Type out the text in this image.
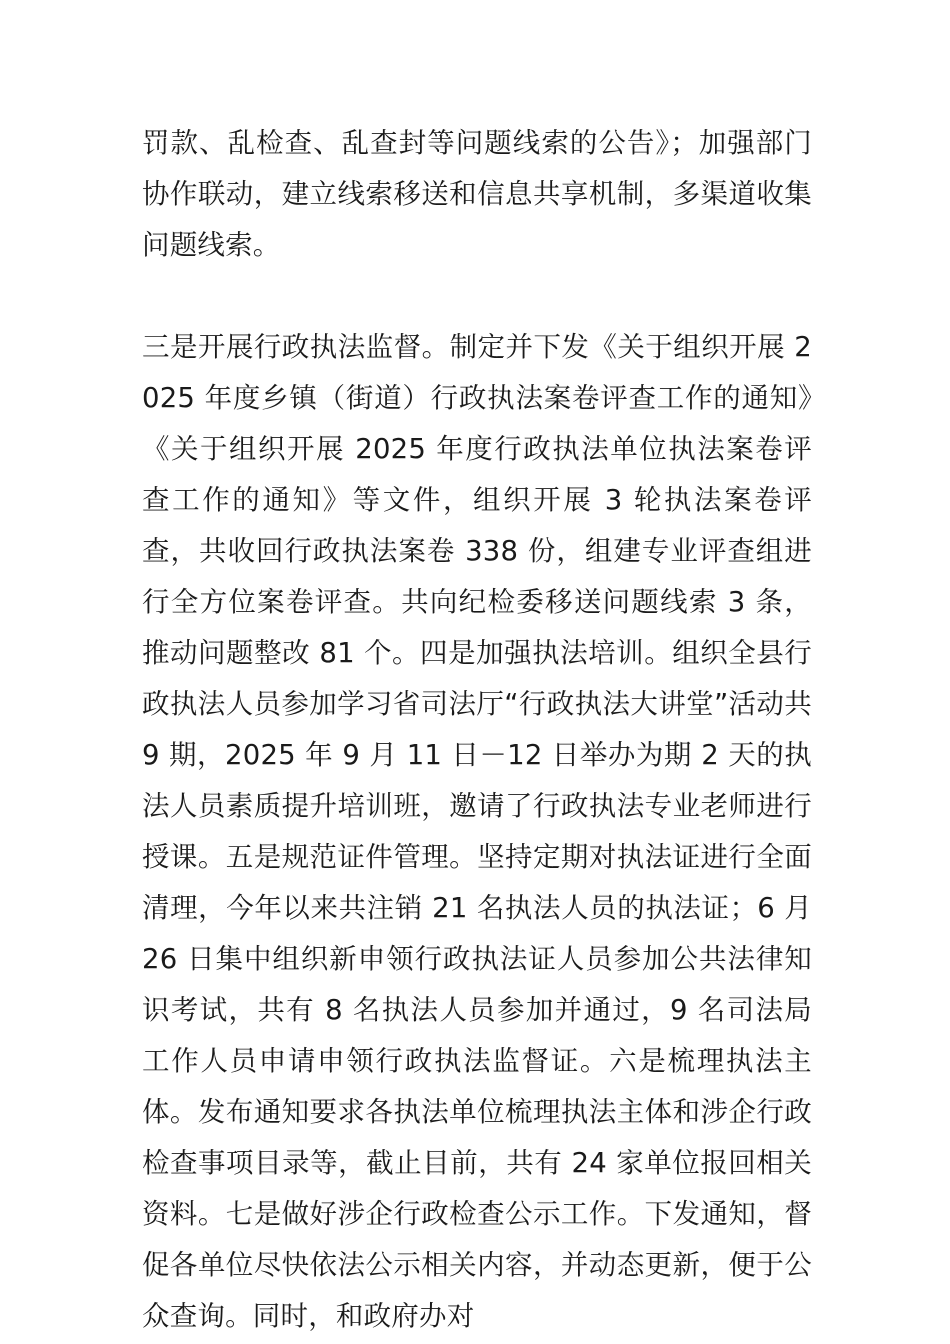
罚款、乱检查、乱查封等问题线索的公告》；加强部门协作联动，建立线索移送和信息共享机制，多渠道收集问题线索。

三是开展行政执法监督。制定并下发《关于组织开展 2025 年度乡镇（街道）行政执法案卷评查工作的通知》《关于组织开展 2025 年度行政执法单位执法案卷评查工作的通知》等文件，组织开展 3 轮执法案卷评查，共收回行政执法案卷 338 份，组建专业评查组进行全方位案卷评查。共向纪检委移送问题线索 3 条，推动问题整改 81 个。四是加强执法培训。组织全县行政执法人员参加学习省司法厅“行政执法大讲堂”活动共 9 期，2025 年 9 月 11 日－12 日举办为期 2 天的执法人员素质提升培训班，邀请了行政执法专业老师进行授课。五是规范证件管理。坚持定期对执法证进行全面清理，今年以来共注销 21 名执法人员的执法证；6 月 26 日集中组织新申领行政执法证人员参加公共法律知识考试，共有 8 名执法人员参加并通过，9 名司法局工作人员申请申领行政执法监督证。六是梳理执法主体。发布通知要求各执法单位梳理执法主体和涉企行政检查事项目录等，截止目前，共有 24 家单位报回相关资料。七是做好涉企行政检查公示工作。下发通知，督促各单位尽快依法公示相关内容，并动态更新，便于公众查询。同时，和政府办对
